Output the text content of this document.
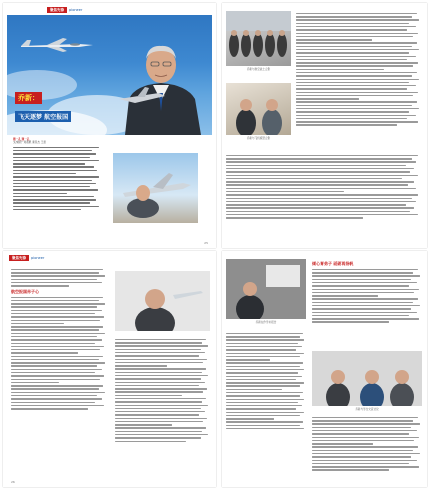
聚焦先锋	pioneer
乔新：
飞天逐梦 航空报国
题一孔 题一孔
文/姚毅² 刘燕帆 秦民杰 王雷
25
乔新与航空战士合影
乔新与飞机模型合影
聚焦先锋	pioneer
航空报国赤子心
26
乔新在作学术报告
倾心育弟子 砥砺再扬帆
乔新与学生交流讨论
